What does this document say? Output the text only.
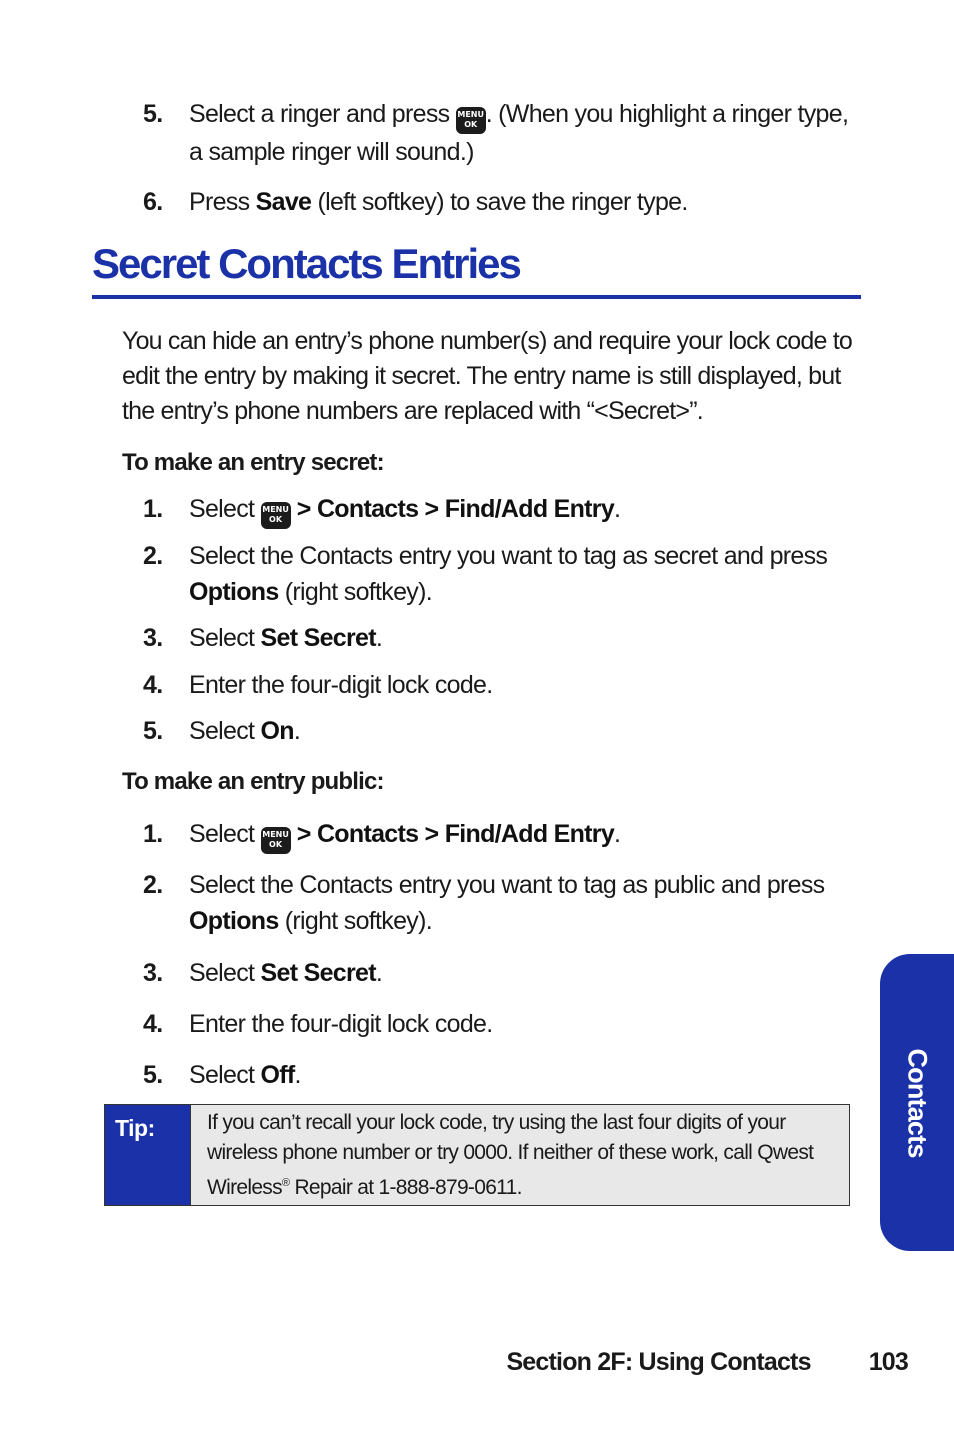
5. Select a ringer and press MENU
OK . (When you highlight a ringer type, a sample ringer will sound.)
6. Press Save (left softkey) to save the ringer type.
Secret Contacts Entries

You can hide an entry’s phone number(s) and require your lock code to edit the entry by making it secret. The entry name is still displayed, but the entry’s phone numbers are replaced with “<Secret>”.

To make an entry secret:

1. Select MENU
OK > Contacts > Find/Add Entry.
2. Select the Contacts entry you want to tag as secret and press Options (right softkey).
3. Select Set Secret.
4. Enter the four-digit lock code.
5. Select On.

To make an entry public:

1. Select MENU
OK > Contacts > Find/Add Entry.
2. Select the Contacts entry you want to tag as public and press Options (right softkey).
3. Select Set Secret.
4. Enter the four-digit lock code.
5. Select Off.
Tip:	If you can’t recall your lock code, try using the last four digits of your wireless phone number or try 0000. If neither of these work, call Qwest Wireless® Repair at 1-888-879-0611.
Contacts
Section 2F: Using Contacts 103
